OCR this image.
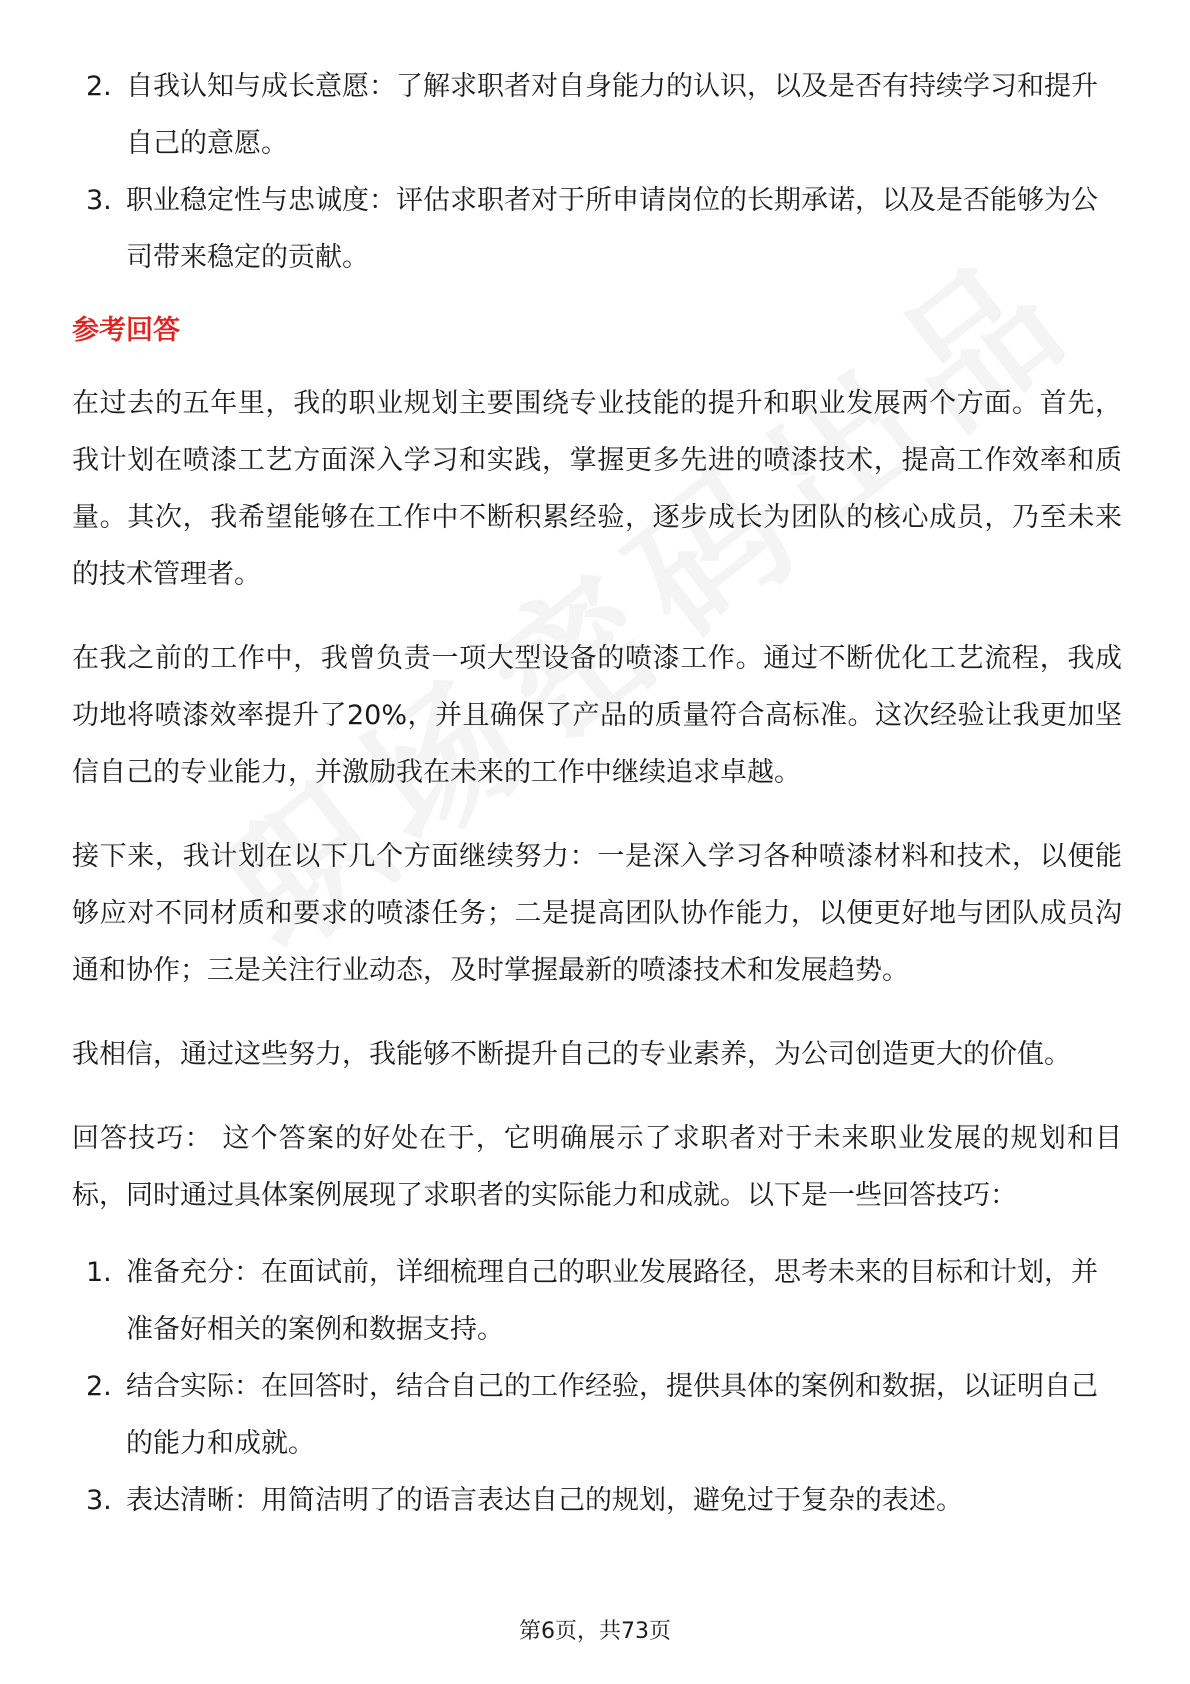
2. 自我认知与成长意愿：了解求职者对自身能力的认识，以及是否有持续学习和提升自己的意愿。
3. 职业稳定性与忠诚度：评估求职者对于所申请岗位的长期承诺，以及是否能够为公司带来稳定的贡献。
参考回答

在过去的五年里，我的职业规划主要围绕专业技能的提升和职业发展两个方面。首先，我计划在喷漆工艺方面深入学习和实践，掌握更多先进的喷漆技术，提高工作效率和质量。其次，我希望能够在工作中不断积累经验，逐步成长为团队的核心成员，乃至未来的技术管理者。

在我之前的工作中，我曾负责一项大型设备的喷漆工作。通过不断优化工艺流程，我成功地将喷漆效率提升了20%，并且确保了产品的质量符合高标准。这次经验让我更加坚信自己的专业能力，并激励我在未来的工作中继续追求卓越。

接下来，我计划在以下几个方面继续努力：一是深入学习各种喷漆材料和技术，以便能够应对不同材质和要求的喷漆任务；二是提高团队协作能力，以便更好地与团队成员沟通和协作；三是关注行业动态，及时掌握最新的喷漆技术和发展趋势。

我相信，通过这些努力，我能够不断提升自己的专业素养，为公司创造更大的价值。

回答技巧： 这个答案的好处在于，它明确展示了求职者对于未来职业发展的规划和目标，同时通过具体案例展现了求职者的实际能力和成就。以下是一些回答技巧：

1. 准备充分：在面试前，详细梳理自己的职业发展路径，思考未来的目标和计划，并准备好相关的案例和数据支持。
2. 结合实际：在回答时，结合自己的工作经验，提供具体的案例和数据，以证明自己的能力和成就。
3. 表达清晰：用简洁明了的语言表达自己的规划，避免过于复杂的表述。
第6页，共73页
